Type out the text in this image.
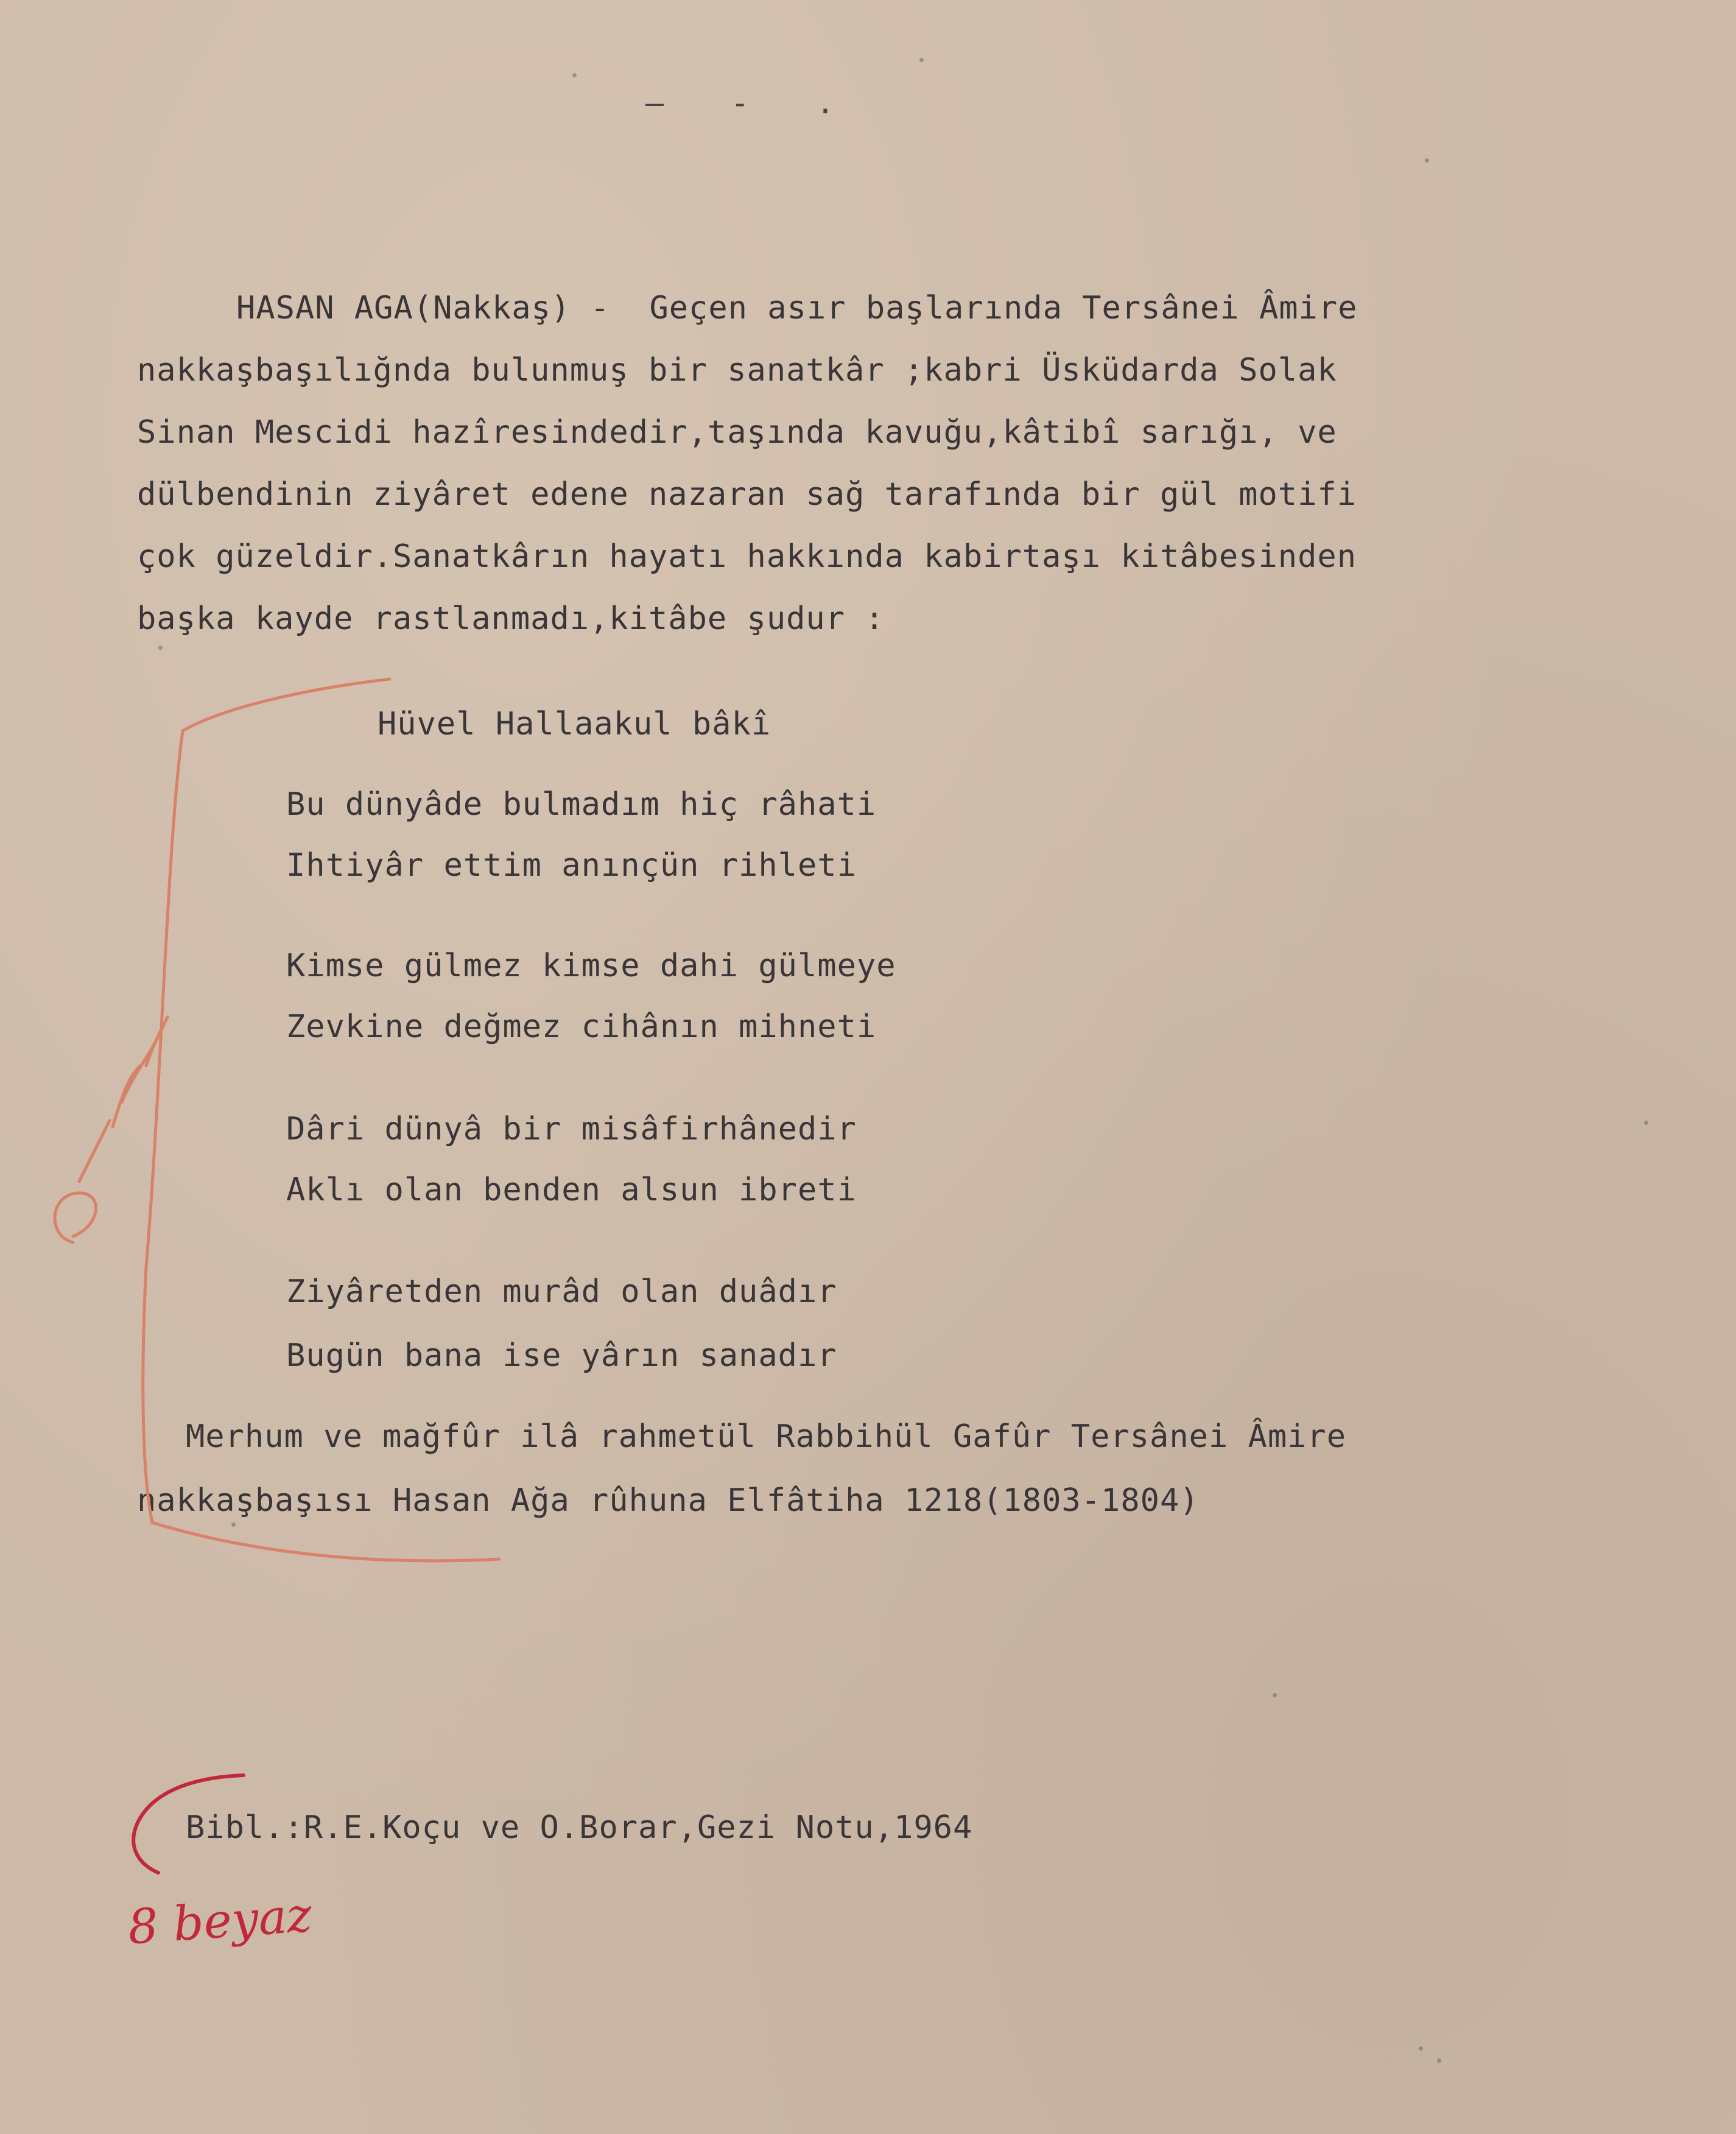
– - .
HASAN AGA(Nakkaş) -  Geçen asır başlarında Tersânei Âmire
nakkaşbaşılığnda bulunmuş bir sanatkâr ;kabri Üsküdarda Solak
Sinan Mescidi hazîresindedir,taşında kavuğu,kâtibî sarığı, ve
dülbendinin ziyâret edene nazaran sağ tarafında bir gül motifi
çok güzeldir.Sanatkârın hayatı hakkında kabirtaşı kitâbesinden
başka kayde rastlanmadı,kitâbe şudur :
Hüvel Hallaakul bâkî
Bu dünyâde bulmadım hiç râhati
Ihtiyâr ettim anınçün rihleti
Kimse gülmez kimse dahi gülmeye
Zevkine değmez cihânın mihneti
Dâri dünyâ bir misâfirhânedir
Aklı olan benden alsun ibreti
Ziyâretden murâd olan duâdır
Bugün bana ise yârın sanadır
Merhum ve mağfûr ilâ rahmetül Rabbihül Gafûr Tersânei Âmire
nakkaşbaşısı Hasan Ağa rûhuna Elfâtiha 1218(1803-1804)
Bibl.:R.E.Koçu ve O.Borar,Gezi Notu,1964
8 beyaz
